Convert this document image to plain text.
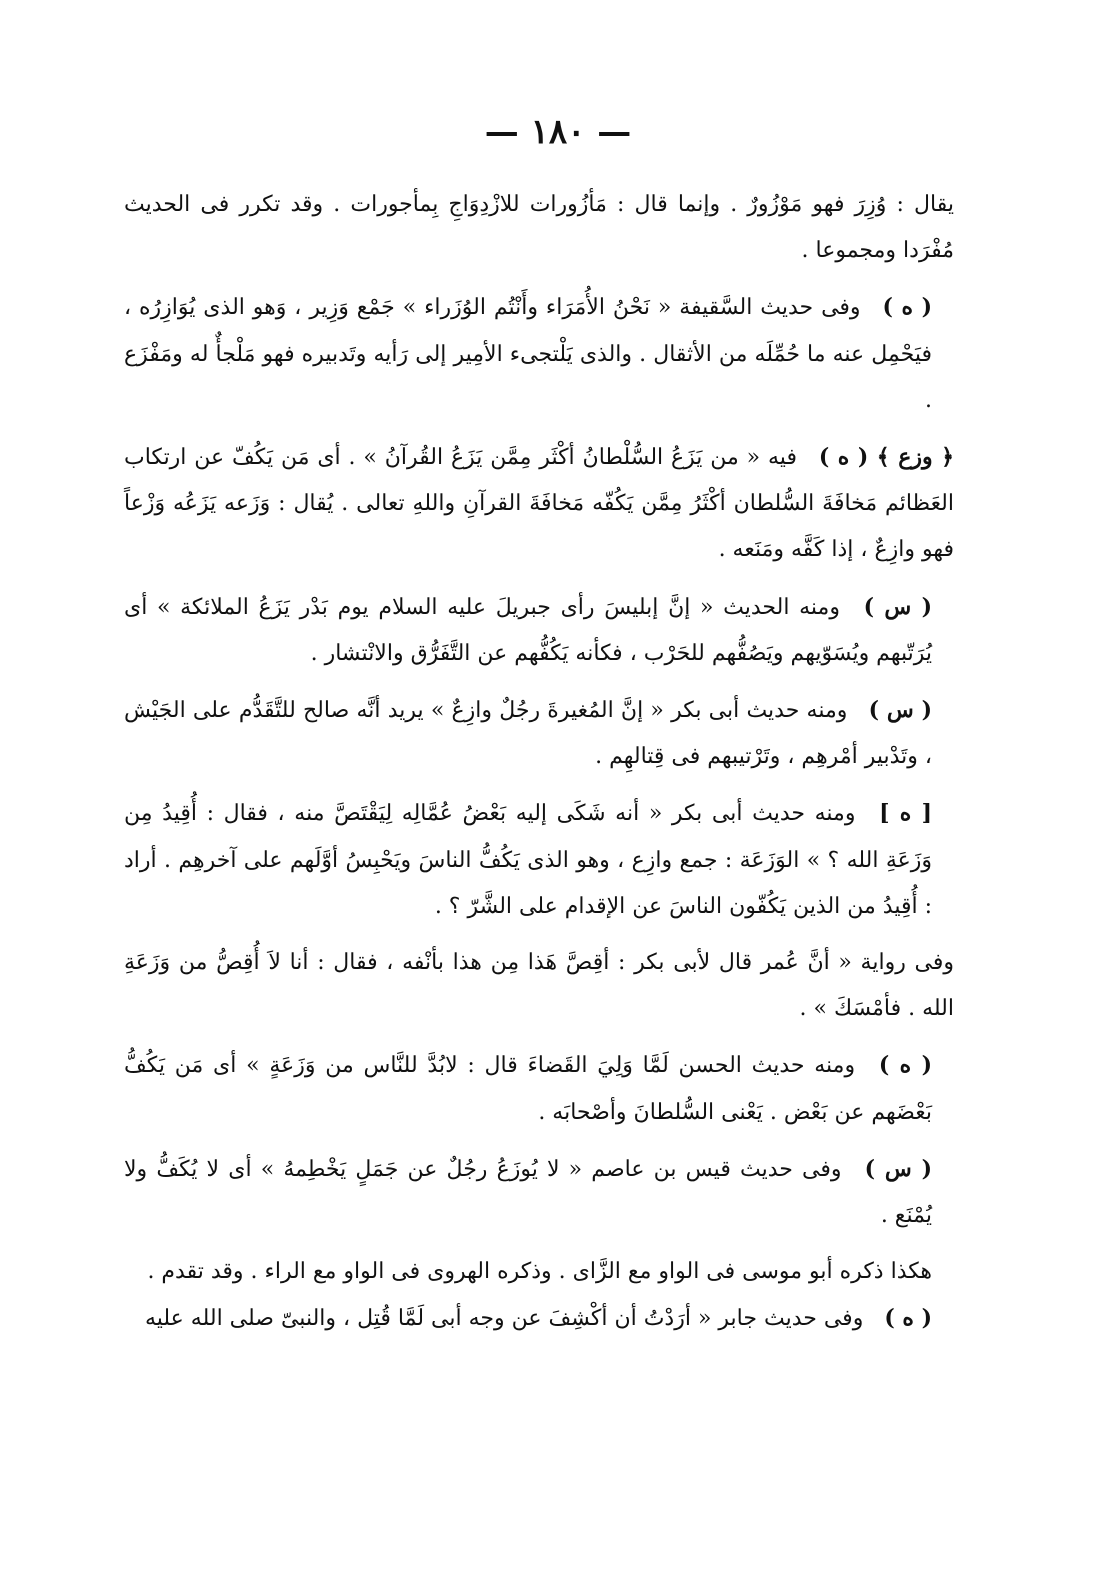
— ١٨٠ —

يقال : وُزِرَ فهو مَوْزُورٌ . وإنما قال : مَأزُورات للازْدِوَاجِ بِمأجورات . وقد تكرر فى الحديث مُفْرَدا ومجموعا .

( ه ) وفى حديث السَّقيفة « نَحْنُ الأُمَرَاء وأَنْتُم الوُزَراء » جَمْع وَزِير ، وَهو الذى يُوَازِرُه ، فيَحْمِل عنه ما حُمِّلَه من الأثقال . والذى يَلْتجىء الأمِير إلى رَأيه وتَدبيره فهو مَلْجأٌ له ومَفْزَع .

﴿ وزع ﴾ ( ه ) فيه « من يَزَعُ السُّلْطانُ أكْثَر مِمَّن يَزَعُ القُرآنُ » . أى مَن يَكُفّ عن ارتكاب العَظائم مَخافَةَ السُّلطان أكْثَرُ مِمَّن يَكُفّه مَخافَةَ القرآنِ واللهِ تعالى . يُقال : وَزَعه يَزَعُه وَزْعاً فهو وازِعٌ ، إذا كَفَّه ومَنَعه .

( س ) ومنه الحديث « إنَّ إبليسَ رأى جبريلَ عليه السلام يوم بَدْر يَزَعُ الملائكة » أى يُرَتّبهم ويُسَوّيهم ويَصُفُّهم للحَرْب ، فكأنه يَكُفُّهم عن التَّفَرُّق والانْتشار .

( س ) ومنه حديث أبى بكر « إنَّ المُغيرةَ رجُلٌ وازِعٌ » يريد أنَّه صالح للتَّقَدُّم على الجَيْش ، وتَدْبير أمْرهِم ، وتَرْتيبهم فى قِتالهِم .

[ ه ] ومنه حديث أبى بكر « أنه شَكَى إليه بَعْضُ عُمَّالِه لِيَقْتَصَّ منه ، فقال : أُقِيدُ مِن وَزَعَةِ الله ؟ » الوَزَعَة : جمع وازِع ، وهو الذى يَكُفُّ الناسَ ويَحْبِسُ أوَّلَهم على آخرهِم . أراد : أُقِيدُ من الذين يَكُفّون الناسَ عن الإقدام على الشَّرّ ؟ .

وفى رواية « أنَّ عُمر قال لأبى بكر : أقِصَّ هَذا مِن هذا بأنْفه ، فقال : أنا لاَ أُقِصُّ من وَزَعَةِ الله . فأمْسَكَ » .

( ه ) ومنه حديث الحسن لَمَّا وَلِيَ القَضاءَ قال : لابُدَّ للنَّاس من وَزَعَةٍ » أى مَن يَكُفُّ بَعْضَهم عن بَعْض . يَعْنى السُّلطانَ وأصْحابَه .

( س ) وفى حديث قيس بن عاصم « لا يُوزَعُ رجُلٌ عن جَمَلٍ يَخْطِمهُ » أى لا يُكَفُّ ولا يُمْنَع .

هكذا ذكره أبو موسى فى الواو مع الزَّاى . وذكره الهروى فى الواو مع الراء . وقد تقدم .

( ه ) وفى حديث جابر « أرَدْتُ أن أكْشِفَ عن وجه أبى لَمَّا قُتِل ، والنبىّ صلى الله عليه
